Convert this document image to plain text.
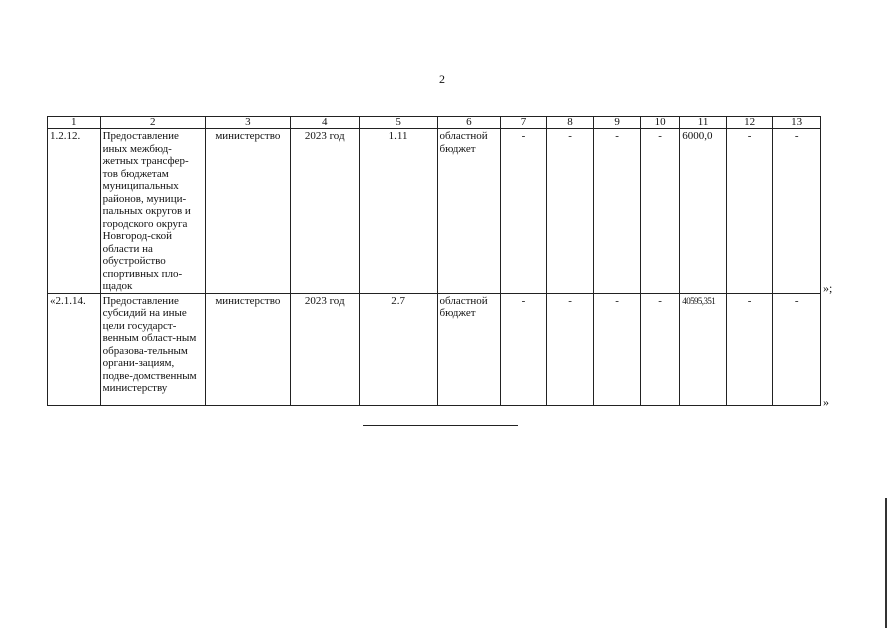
2
1	2	3	4	5	6	7	8	9	10	11	12	13
1.2.12.	Предоставление иных межбюд-жетных трансфер-тов бюджетам муниципальных районов, муници-пальных округов и городского округа Новгород-ской области на обустройство спортивных пло-щадок	министерство	2023 год	1.11	областной бюджет	-	-	-	-	6000,0	-	-
«2.1.14.	Предоставление субсидий на иные цели государст-венным област-ным образова-тельным органи-зациям, подве-домственным министерству	министерство	2023 год	2.7	областной бюджет	-	-	-	-	40595,351	-	-
»;
»
